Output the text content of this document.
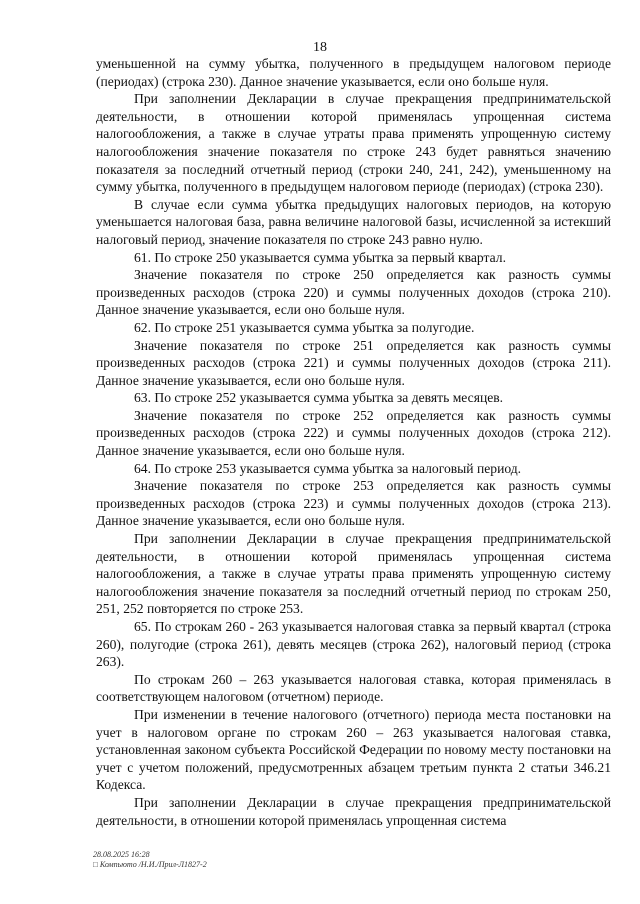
18

уменьшенной на сумму убытка, полученного в предыдущем налоговом периоде (периодах) (строка 230). Данное значение указывается, если оно больше нуля.

При заполнении Декларации в случае прекращения предпринимательской деятельности, в отношении которой применялась упрощенная система налогообложения, а также в случае утраты права применять упрощенную систему налогообложения значение показателя по строке 243 будет равняться значению показателя за последний отчетный период (строки 240, 241, 242), уменьшенному на сумму убытка, полученного в предыдущем налоговом периоде (периодах) (строка 230).

В случае если сумма убытка предыдущих налоговых периодов, на которую уменьшается налоговая база, равна величине налоговой базы, исчисленной за истекший налоговый период, значение показателя по строке 243 равно нулю.

61. По строке 250 указывается сумма убытка за первый квартал.

Значение показателя по строке 250 определяется как разность суммы произведенных расходов (строка 220) и суммы полученных доходов (строка 210). Данное значение указывается, если оно больше нуля.

62. По строке 251 указывается сумма убытка за полугодие.

Значение показателя по строке 251 определяется как разность суммы произведенных расходов (строка 221) и суммы полученных доходов (строка 211). Данное значение указывается, если оно больше нуля.

63. По строке 252 указывается сумма убытка за девять месяцев.

Значение показателя по строке 252 определяется как разность суммы произведенных расходов (строка 222) и суммы полученных доходов (строка 212). Данное значение указывается, если оно больше нуля.

64. По строке 253 указывается сумма убытка за налоговый период.

Значение показателя по строке 253 определяется как разность суммы произведенных расходов (строка 223) и суммы полученных доходов (строка 213). Данное значение указывается, если оно больше нуля.

При заполнении Декларации в случае прекращения предпринимательской деятельности, в отношении которой применялась упрощенная система налогообложения, а также в случае утраты права применять упрощенную систему налогообложения значение показателя за последний отчетный период по строкам 250, 251, 252 повторяется по строке 253.

65. По строкам 260 - 263 указывается налоговая ставка за первый квартал (строка 260), полугодие (строка 261), девять месяцев (строка 262), налоговый период (строка 263).

По строкам 260 – 263 указывается налоговая ставка, которая применялась в соответствующем налоговом (отчетном) периоде.

При изменении в течение налогового (отчетного) периода места постановки на учет в налоговом органе по строкам 260 – 263 указывается налоговая ставка, установленная законом субъекта Российской Федерации по новому месту постановки на учет с учетом положений, предусмотренных абзацем третьим пункта 2 статьи 346.21 Кодекса.

При заполнении Декларации в случае прекращения предпринимательской деятельности, в отношении которой применялась упрощенная система

28.08.2025 16:28
□ Компьюто /Н.И./Прил-Л1827-2
